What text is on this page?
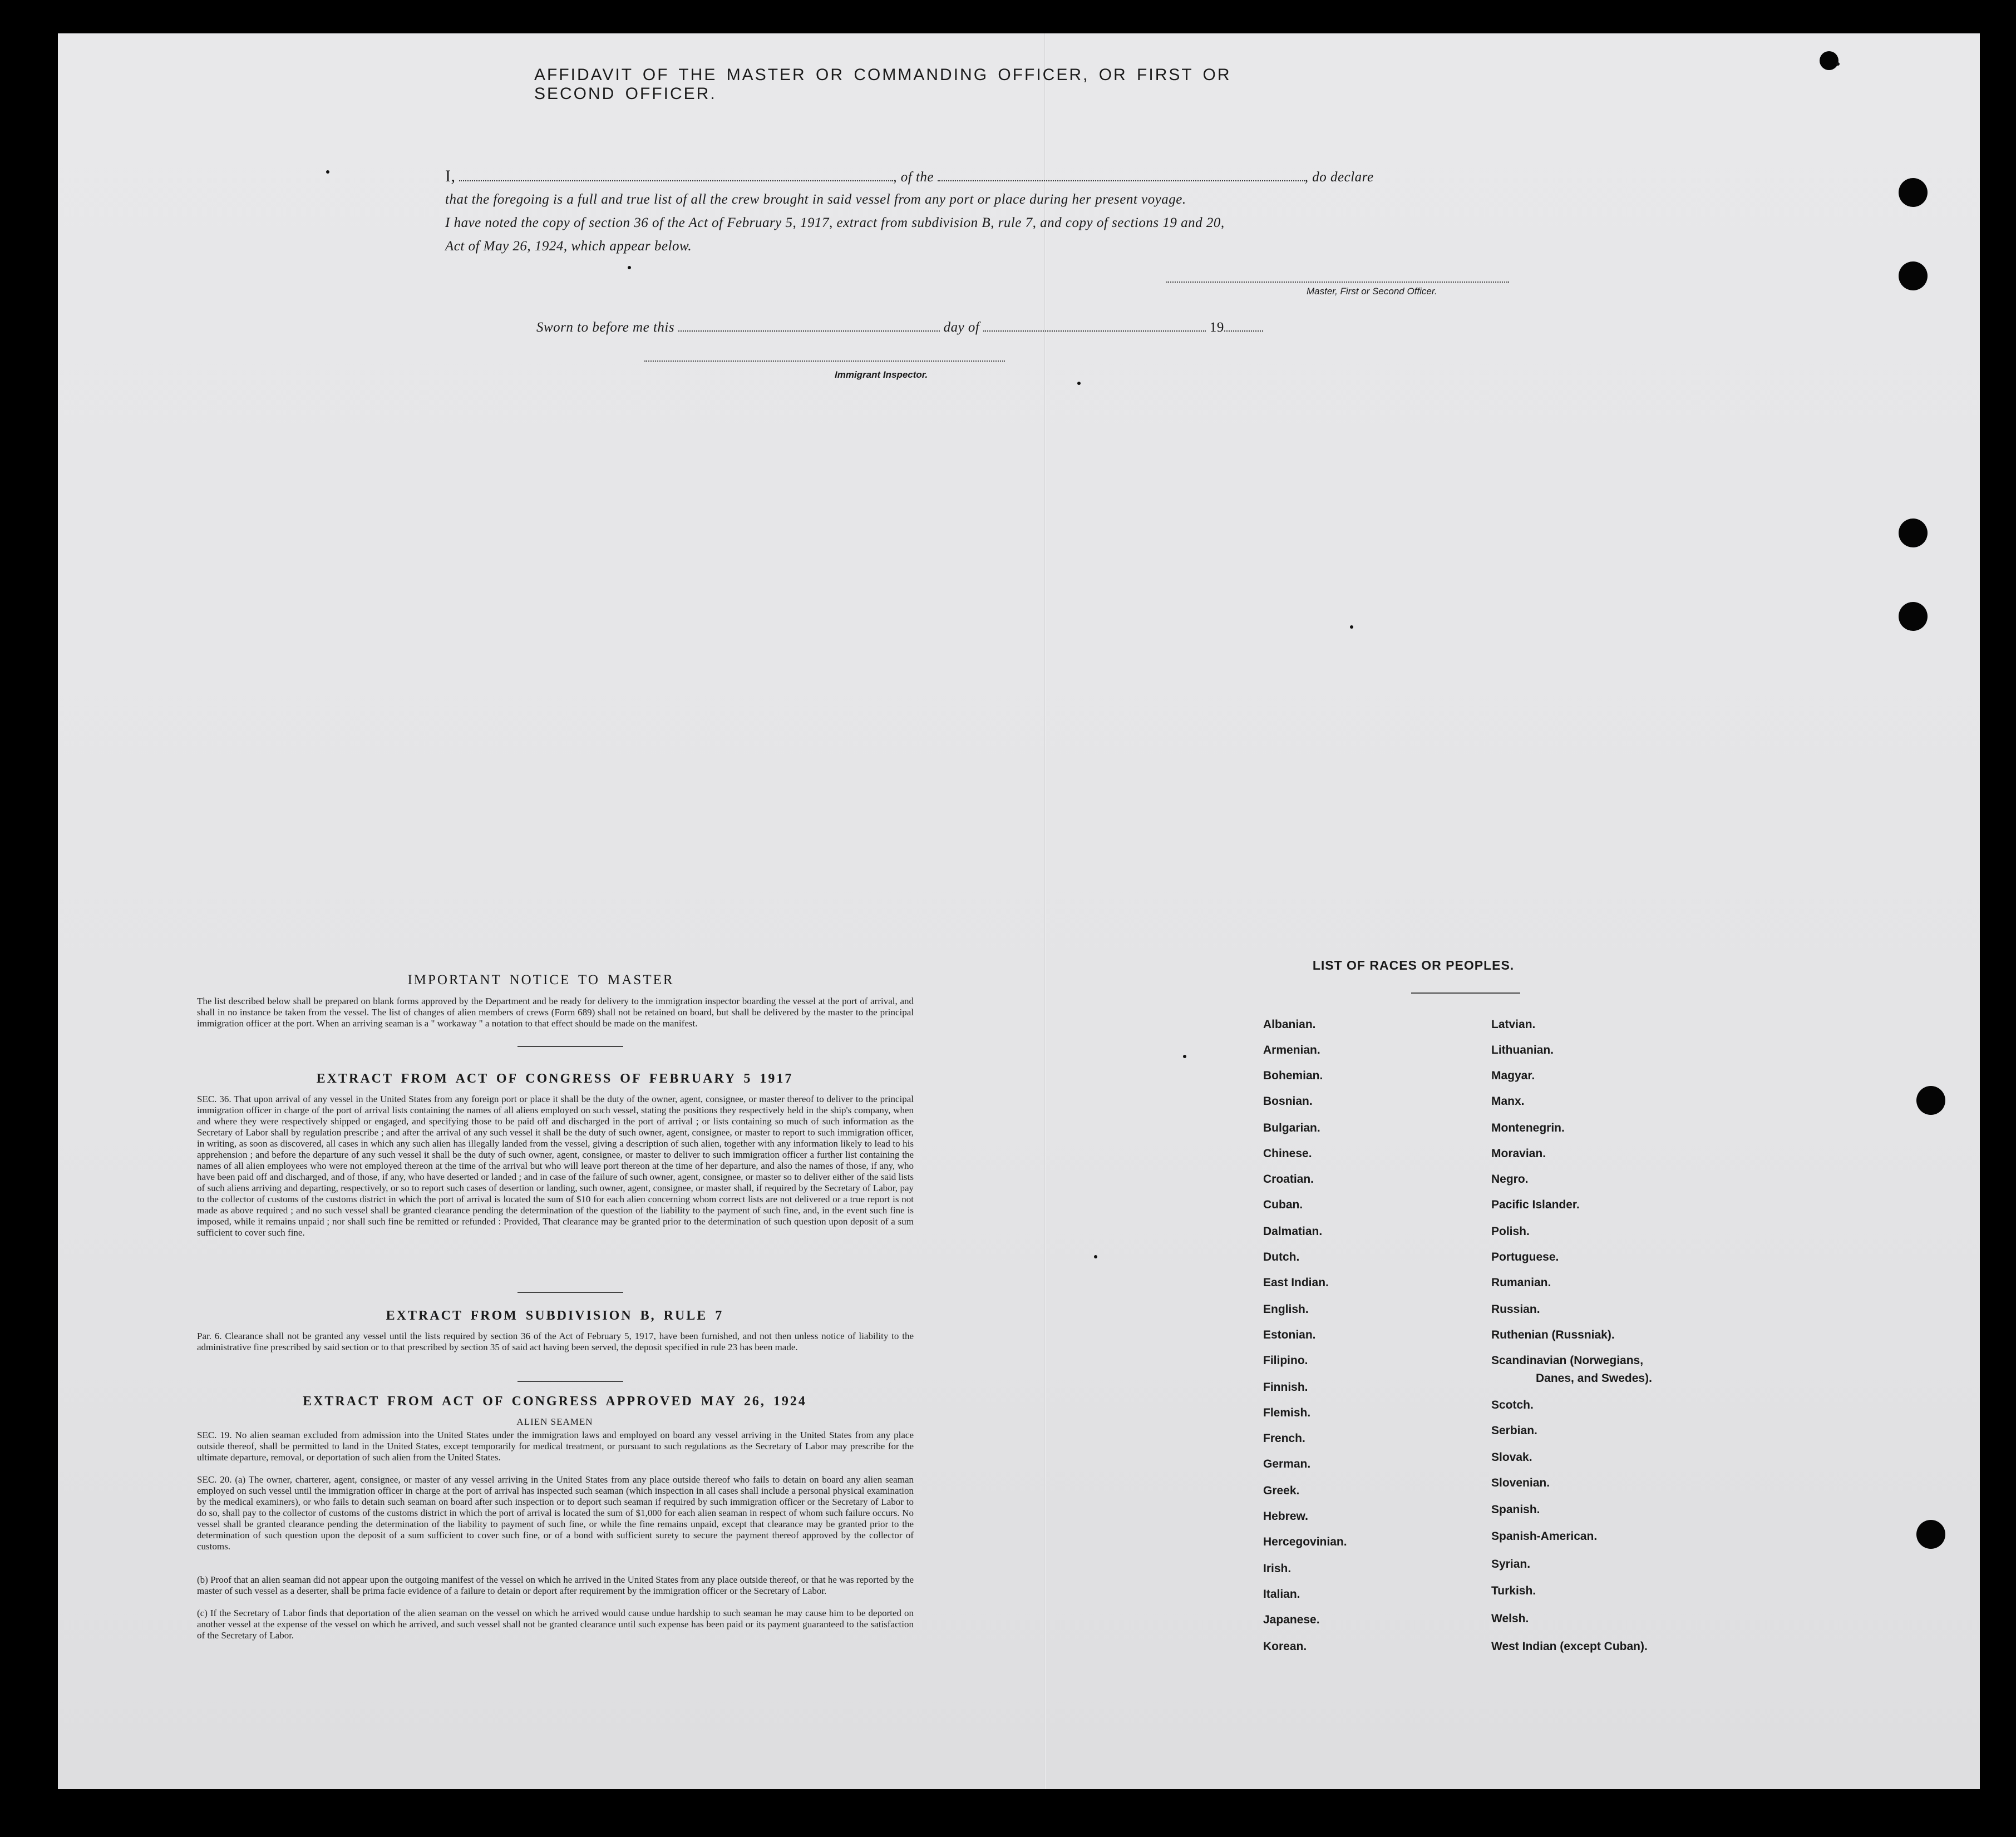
AFFIDAVIT OF THE MASTER OR COMMANDING OFFICER, OR FIRST OR SECOND OFFICER.
I,	, of the	, do declare
that the foregoing is a full and true list of all the crew brought in said vessel from any port or place during her present voyage.
I have noted the copy of section 36 of the Act of February 5, 1917, extract from subdivision B, rule 7, and copy of sections 19 and 20,
Act of May 26, 1924, which appear below.
Master, First or Second Officer.
Sworn to before me this	day of	19
Immigrant Inspector.
IMPORTANT NOTICE TO MASTER
The list described below shall be prepared on blank forms approved by the Department and be ready for delivery to the immigration inspector boarding the vessel at the port of arrival, and shall in no instance be taken from the vessel. The list of changes of alien members of crews (Form 689) shall not be retained on board, but shall be delivered by the master to the principal immigration officer at the port. When an arriving seaman is a " workaway " a notation to that effect should be made on the manifest.
EXTRACT FROM ACT OF CONGRESS OF FEBRUARY 5 1917
SEC. 36. That upon arrival of any vessel in the United States from any foreign port or place it shall be the duty of the owner, agent, consignee, or master thereof to deliver to the principal immigration officer in charge of the port of arrival lists containing the names of all aliens employed on such vessel, stating the positions they respectively held in the ship's company, when and where they were respectively shipped or engaged, and specifying those to be paid off and discharged in the port of arrival ; or lists containing so much of such information as the Secretary of Labor shall by regulation prescribe ; and after the arrival of any such vessel it shall be the duty of such owner, agent, consignee, or master to report to such immigration officer, in writing, as soon as discovered, all cases in which any such alien has illegally landed from the vessel, giving a description of such alien, together with any information likely to lead to his apprehension ; and before the departure of any such vessel it shall be the duty of such owner, agent, consignee, or master to deliver to such immigration officer a further list containing the names of all alien employees who were not employed thereon at the time of the arrival but who will leave port thereon at the time of her departure, and also the names of those, if any, who have been paid off and discharged, and of those, if any, who have deserted or landed ; and in case of the failure of such owner, agent, consignee, or master so to deliver either of the said lists of such aliens arriving and departing, respectively, or so to report such cases of desertion or landing, such owner, agent, consignee, or master shall, if required by the Secretary of Labor, pay to the collector of customs of the customs district in which the port of arrival is located the sum of $10 for each alien concerning whom correct lists are not delivered or a true report is not made as above required ; and no such vessel shall be granted clearance pending the determination of the question of the liability to the payment of such fine, and, in the event such fine is imposed, while it remains unpaid ; nor shall such fine be remitted or refunded : Provided, That clearance may be granted prior to the determination of such question upon deposit of a sum sufficient to cover such fine.
EXTRACT FROM SUBDIVISION B, RULE 7
Par. 6. Clearance shall not be granted any vessel until the lists required by section 36 of the Act of February 5, 1917, have been furnished, and not then unless notice of liability to the administrative fine prescribed by said section or to that prescribed by section 35 of said act having been served, the deposit specified in rule 23 has been made.
EXTRACT FROM ACT OF CONGRESS APPROVED MAY 26, 1924
ALIEN SEAMEN
SEC. 19. No alien seaman excluded from admission into the United States under the immigration laws and employed on board any vessel arriving in the United States from any place outside thereof, shall be permitted to land in the United States, except temporarily for medical treatment, or pursuant to such regulations as the Secretary of Labor may prescribe for the ultimate departure, removal, or deportation of such alien from the United States.
SEC. 20. (a) The owner, charterer, agent, consignee, or master of any vessel arriving in the United States from any place outside thereof who fails to detain on board any alien seaman employed on such vessel until the immigration officer in charge at the port of arrival has inspected such seaman (which inspection in all cases shall include a personal physical examination by the medical examiners), or who fails to detain such seaman on board after such inspection or to deport such seaman if required by such immigration officer or the Secretary of Labor to do so, shall pay to the collector of customs of the customs district in which the port of arrival is located the sum of $1,000 for each alien seaman in respect of whom such failure occurs. No vessel shall be granted clearance pending the determination of the liability to payment of such fine, or while the fine remains unpaid, except that clearance may be granted prior to the determination of such question upon the deposit of a sum sufficient to cover such fine, or of a bond with sufficient surety to secure the payment thereof approved by the collector of customs.
(b) Proof that an alien seaman did not appear upon the outgoing manifest of the vessel on which he arrived in the United States from any place outside thereof, or that he was reported by the master of such vessel as a deserter, shall be prima facie evidence of a failure to detain or deport after requirement by the immigration officer or the Secretary of Labor.
(c) If the Secretary of Labor finds that deportation of the alien seaman on the vessel on which he arrived would cause undue hardship to such seaman he may cause him to be deported on another vessel at the expense of the vessel on which he arrived, and such vessel shall not be granted clearance until such expense has been paid or its payment guaranteed to the satisfaction of the Secretary of Labor.
LIST OF RACES OR PEOPLES.
Albanian.
Armenian.
Bohemian.
Bosnian.
Bulgarian.
Chinese.
Croatian.
Cuban.
Dalmatian.
Dutch.
East Indian.
English.
Estonian.
Filipino.
Finnish.
Flemish.
French.
German.
Greek.
Hebrew.
Hercegovinian.
Irish.
Italian.
Japanese.
Korean.
Latvian.
Lithuanian.
Magyar.
Manx.
Montenegrin.
Moravian.
Negro.
Pacific Islander.
Polish.
Portuguese.
Rumanian.
Russian.
Ruthenian (Russniak).
Scandinavian (Norwegians,
Danes, and Swedes).
Scotch.
Serbian.
Slovak.
Slovenian.
Spanish.
Spanish-American.
Syrian.
Turkish.
Welsh.
West Indian (except Cuban).
